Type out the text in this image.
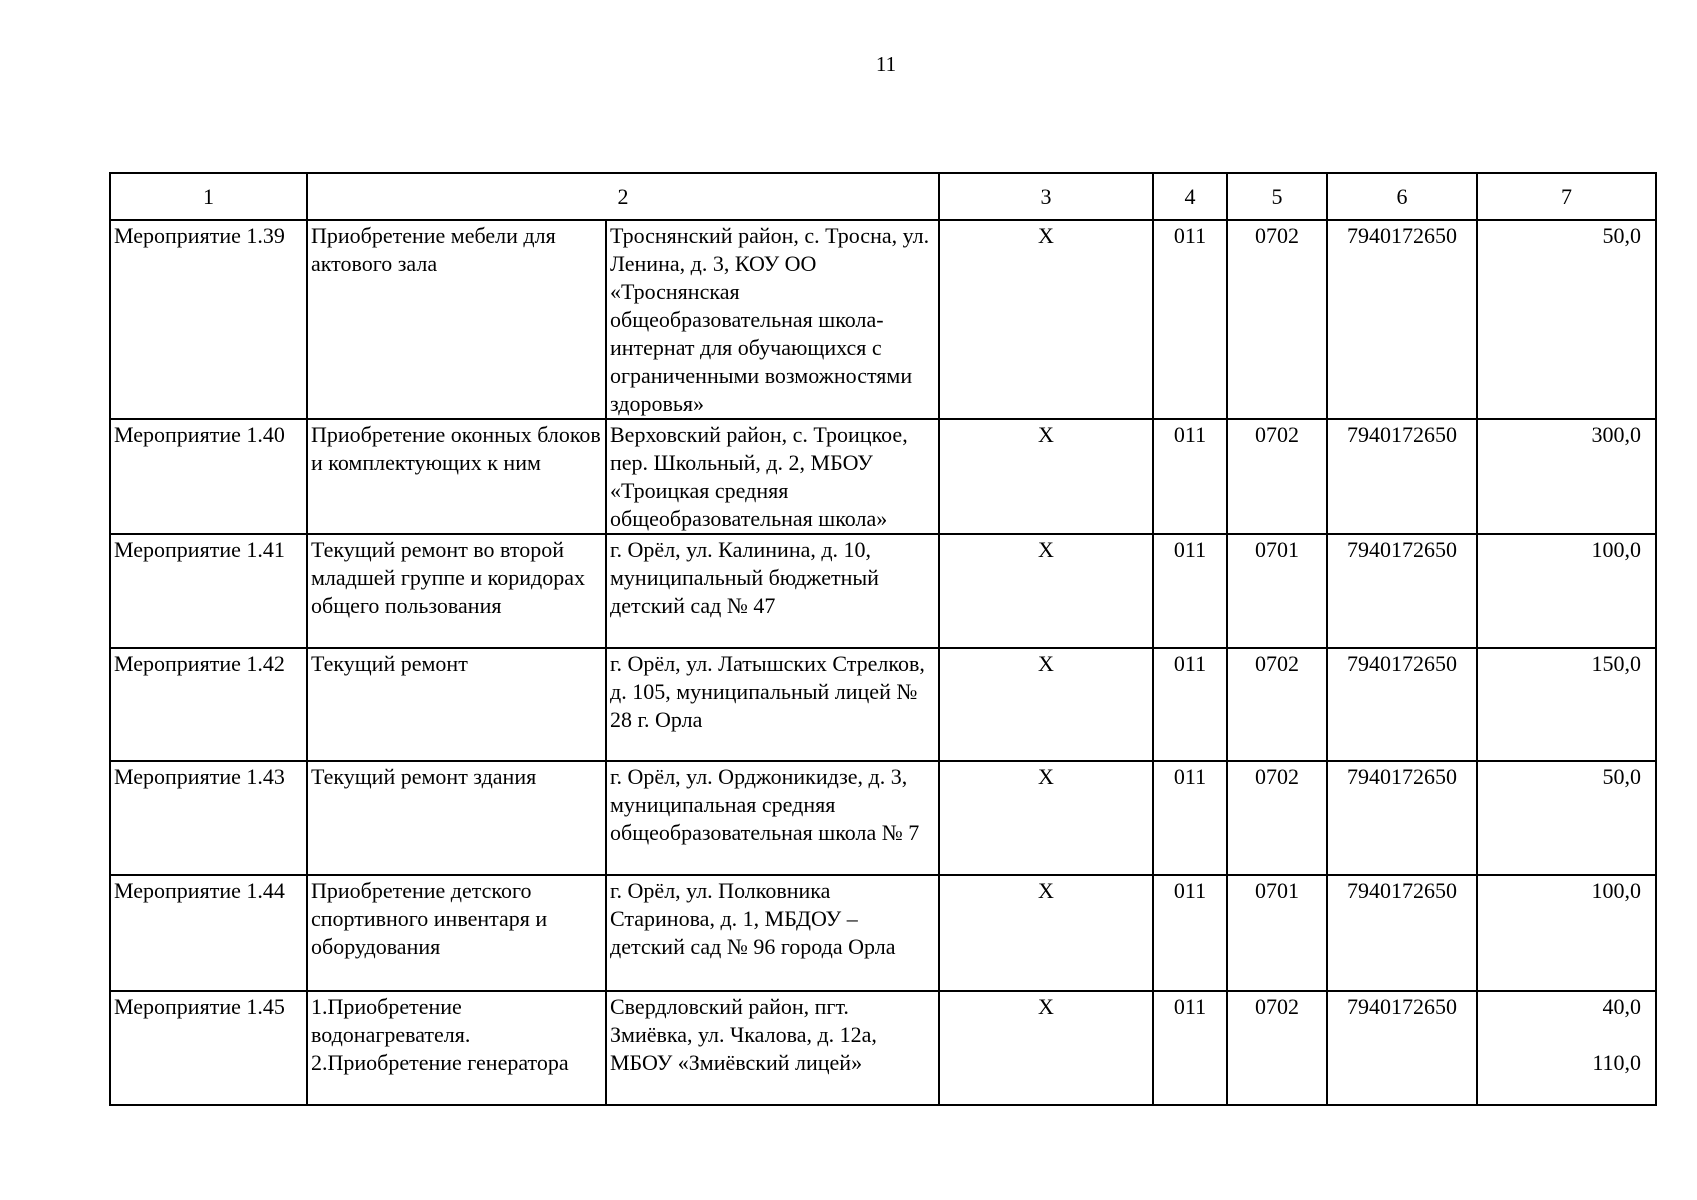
11
1	2		3	4	5	6	7
Мероприятие 1.39	Приобретение мебели для актового зала	Троснянский район, с. Тросна, ул. Ленина, д. 3, КОУ ОО «Троснянская общеобразовательная школа-интернат для обучающихся с ограниченными возможностями здоровья»	Х	011	0702	7940172650	50,0

Мероприятие 1.40	Приобретение оконных блоков и комплектующих к ним	Верховский район, с. Троицкое, пер. Школьный, д. 2, МБОУ «Троицкая средняя общеобразовательная школа»	Х	011	0702	7940172650	300,0

Мероприятие 1.41	Текущий ремонт во второй младшей группе и коридорах общего пользования	г. Орёл, ул. Калинина, д. 10, муниципальный бюджетный детский сад № 47	Х	011	0701	7940172650	100,0

Мероприятие 1.42	Текущий ремонт	г. Орёл, ул. Латышских Стрелков, д. 105, муниципальный лицей № 28 г. Орла	Х	011	0702	7940172650	150,0

Мероприятие 1.43	Текущий ремонт здания	г. Орёл, ул. Орджоникидзе, д. 3, муниципальная средняя общеобразовательная школа № 7	Х	011	0702	7940172650	50,0

Мероприятие 1.44	Приобретение детского спортивного инвентаря и оборудования	г. Орёл, ул. Полковника Старинова, д. 1, МБДОУ – детский сад № 96 города Орла	Х	011	0701	7940172650	100,0

Мероприятие 1.45	1.Приобретение водонагревателя. 2.Приобретение генератора	Свердловский район, пгт. Змиёвка, ул. Чкалова, д. 12а, МБОУ «Змиёвский лицей»	Х	011	0702	7940172650	40,0
110,0
